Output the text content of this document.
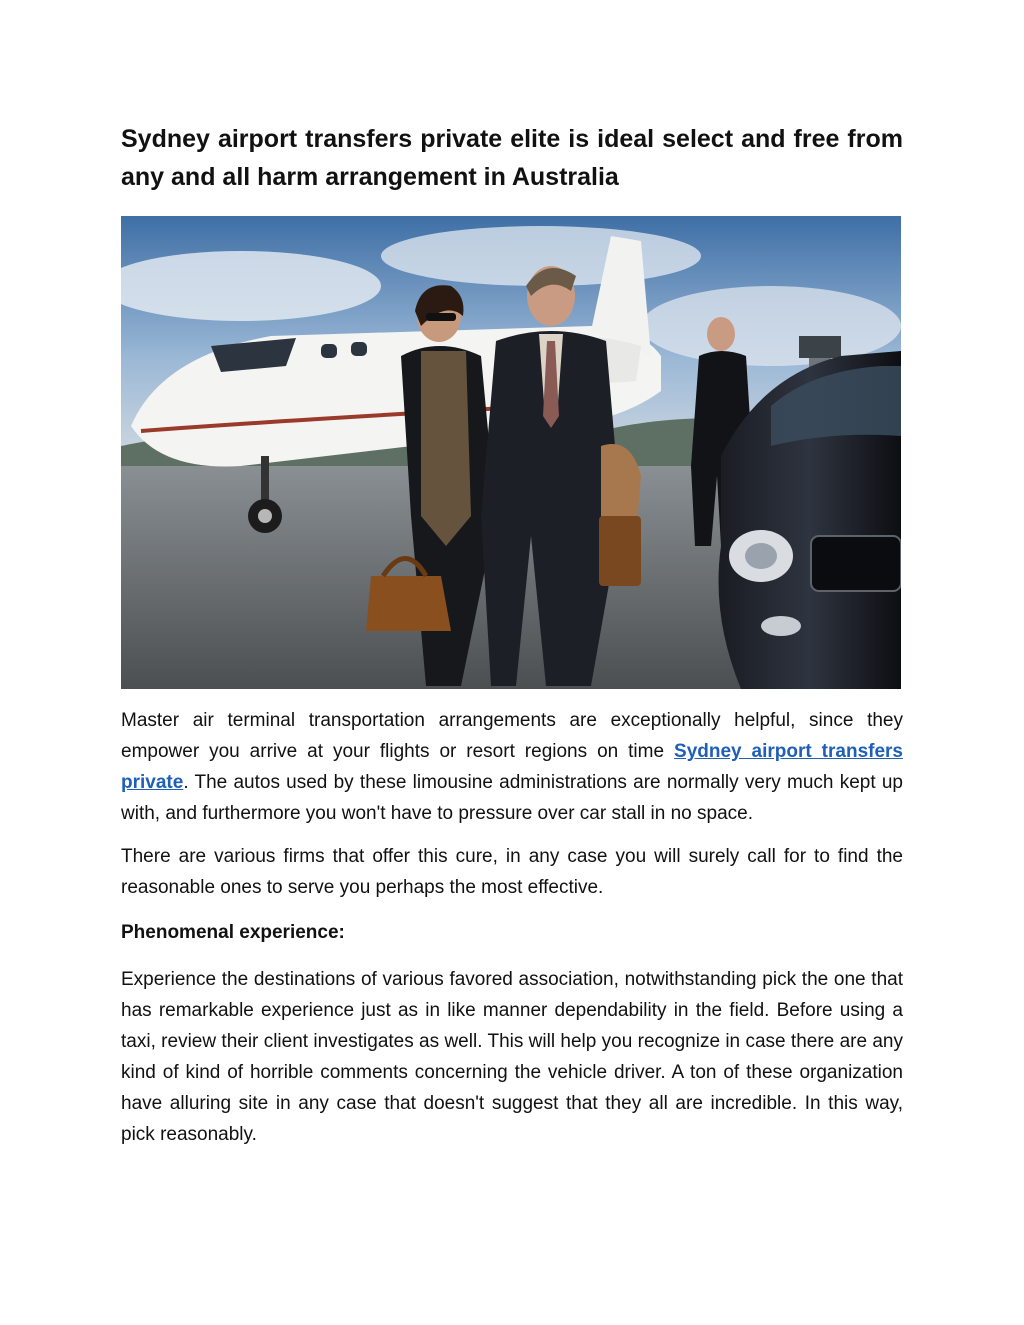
Sydney airport transfers private elite is ideal select and free from any and all harm arrangement in Australia

Master air terminal transportation arrangements are exceptionally helpful, since they empower you arrive at your flights or resort regions on time Sydney airport transfers private. The autos used by these limousine administrations are normally very much kept up with, and furthermore you won't have to pressure over car stall in no space.

There are various firms that offer this cure, in any case you will surely call for to find the reasonable ones to serve you perhaps the most effective.

Phenomenal experience:

Experience the destinations of various favored association, notwithstanding pick the one that has remarkable experience just as in like manner dependability in the field. Before using a taxi, review their client investigates as well. This will help you recognize in case there are any kind of kind of horrible comments concerning the vehicle driver. A ton of these organization have alluring site in any case that doesn't suggest that they all are incredible. In this way, pick reasonably.
